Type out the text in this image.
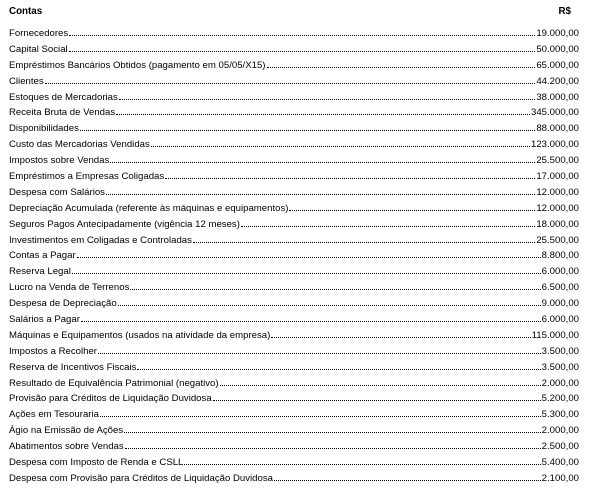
Contas	R$
Fornecedores	19.000,00
Capital Social	50.000,00
Empréstimos Bancários Obtidos (pagamento em 05/05/X15)	65.000,00
Clientes	44.200,00
Estoques de Mercadorias	38.000,00
Receita Bruta de Vendas	345.000,00
Disponibilidades	88.000,00
Custo das Mercadorias Vendidas	123.000,00
Impostos sobre Vendas	25.500,00
Empréstimos a Empresas Coligadas	17.000,00
Despesa com Salários	12.000,00
Depreciação Acumulada (referente às máquinas e equipamentos)	12.000,00
Seguros Pagos Antecipadamente (vigência 12 meses)	18.000,00
Investimentos em Coligadas e Controladas	25.500,00
Contas a Pagar	8.800,00
Reserva Legal	6.000,00
Lucro na Venda de Terrenos	6.500,00
Despesa de Depreciação	9.000,00
Salários a Pagar	6.000,00
Máquinas e Equipamentos (usados na atividade da empresa)	115.000,00
Impostos a Recolher	3.500,00
Reserva de Incentivos Fiscais	3.500,00
Resultado de Equivalência Patrimonial (negativo)	2.000,00
Provisão para Créditos de Liquidação Duvidosa	5.200,00
Ações em Tesouraria	5.300,00
Ágio na Emissão de Ações	2.000,00
Abatimentos sobre Vendas	2.500,00
Despesa com Imposto de Renda e CSLL	5.400,00
Despesa com Provisão para Créditos de Liquidação Duvidosa	2.100,00
